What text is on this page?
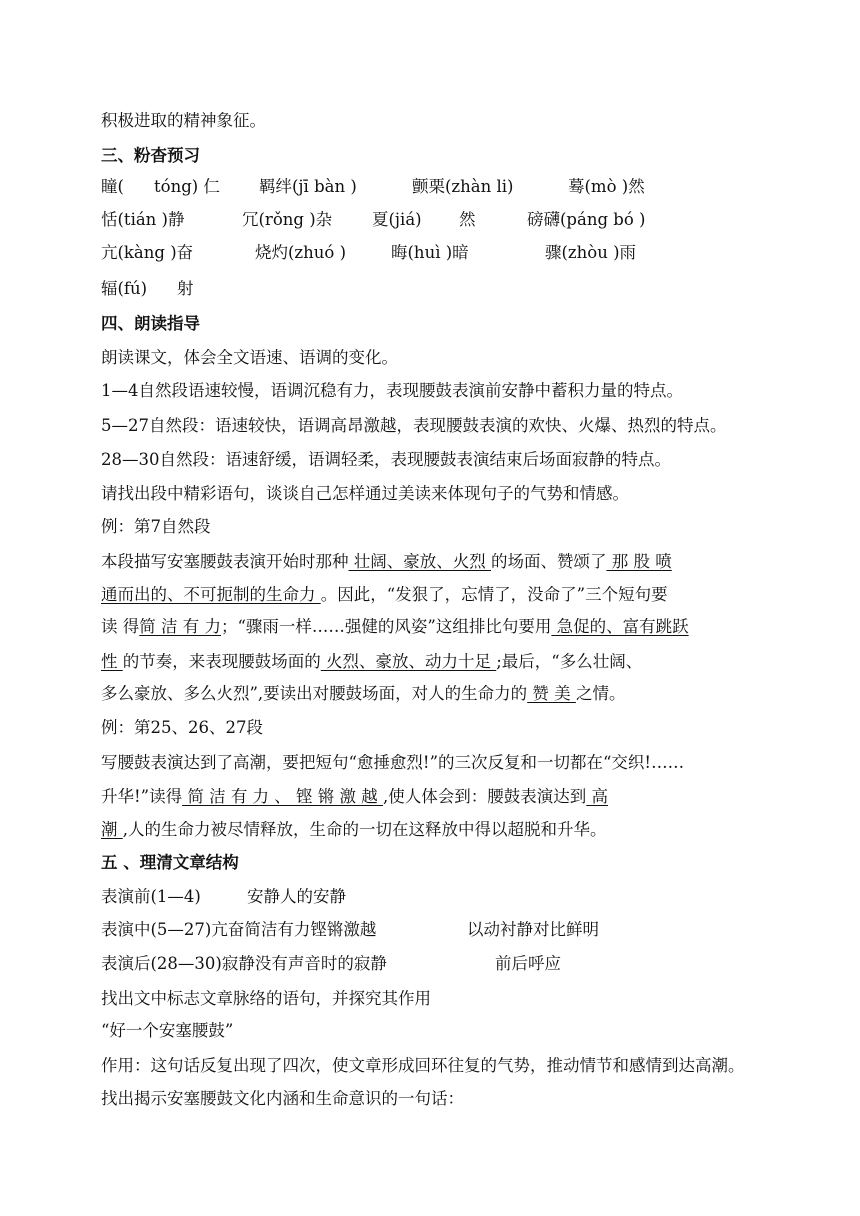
积极进取的精神象征。
三、粉杳预习
瞳( tóng) 仁 羁绊(jī bàn )	颤栗(zhàn li)	蓦(mò )然
恬(tián )静	冗(rǒng )杂 夏(jiá) 然	磅礴(páng bó )
亢(kàng )奋	烧灼(zhuó )	晦(huì )暗	骤(zhòu )雨
辐(fú) 射
四、朗读指导
朗读课文，体会全文语速、语调的变化。
1—4自然段语速较慢，语调沉稳有力，表现腰鼓表演前安静中蓄积力量的特点。
5—27自然段：语速较快，语调高昂激越，表现腰鼓表演的欢快、火爆、热烈的特点。
28—30自然段：语速舒缓，语调轻柔，表现腰鼓表演结束后场面寂静的特点。
请找出段中精彩语句，谈谈自己怎样通过美读来体现句子的气势和情感。
例：第7自然段
本段描写安塞腰鼓表演开始时那种 壮阔、豪放、火烈 的场面、赞颂了 那 股 喷
通而出的、不可扼制的生命力 。因此，“发狠了，忘情了，没命了”三个短句要
读 得简 洁 有 力；“骤雨一样……强健的风姿”这组排比句要用 急促的、富有跳跃
性 的节奏，来表现腰鼓场面的 火烈、豪放、动力十足 ;最后，“多么壮阔、
多么豪放、多么火烈”,要读出对腰鼓场面，对人的生命力的 赞 美 之情。
例：第25、26、27段
写腰鼓表演达到了高潮，要把短句“愈捶愈烈!”的三次反复和一切都在“交织!……
升华!”读得 简 洁 有 力 、 铿 锵 激 越 ,使人体会到：腰鼓表演达到 高
潮 ,人的生命力被尽情释放，生命的一切在这释放中得以超脱和升华。
五 、理清文章结构
表演前(1—4)	安静人的安静
表演中(5—27)亢奋简洁有力铿锵激越	以动衬静对比鲜明
表演后(28—30)寂静没有声音时的寂静	前后呼应
找出文中标志文章脉络的语句，并探究其作用
“好一个安塞腰鼓”
作用：这句话反复出现了四次，使文章形成回环往复的气势，推动情节和感情到达高潮。
找出揭示安塞腰鼓文化内涵和生命意识的一句话：
